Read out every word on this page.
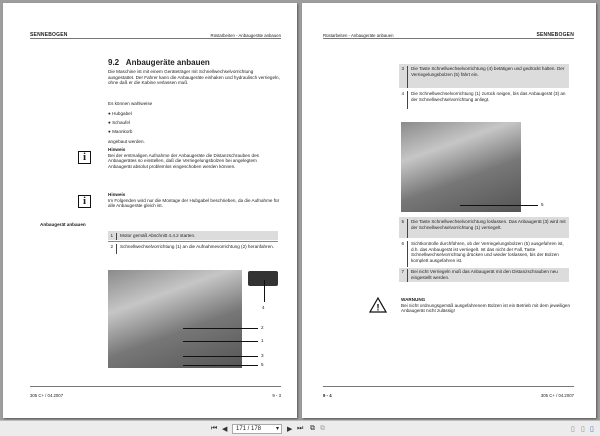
SENNEBOGEN	Rüstarbeiten - Anbaugeräte anbauen
9.2 Anbaugeräte anbauen
Die Maschine ist mit einem Geräteträger mit Schnellwechselvorrichtung ausgestattet. Der Fahrer kann die Anbaugeräte einhaken und hydraulisch verriegeln, ohne daß er die Kabine verlassen muß.
Es können wahlweise
● Hubgabel
● Schaufel
● Mannkorb
angebaut werden.
i
Hinweis
Bei der erstmaligen Aufnahme der Anbaugeräte die Distanzschrauben des Anbaugerätes so einstellen, daß die Verriegelungsbolzen bei angelegtem Anbaugerät absolut problemlos eingeschoben werden können.
i
Hinweis
Im Folgenden wird nur die Montage der Hubgabel beschrieben, da die Aufnahme für alle Anbaugeräte gleich ist.
Anbaugerät anbauen
1	Motor gemäß Abschnitt 4.4.2 starten.
2	Schnellwechselvorrichtung (1) an die Aufnahmevorrichtung (2) heranfahren.
4
2
1
3
5
305 C+ / 04.2007	9 - 3
Rüstarbeiten - Anbaugeräte anbauen	SENNEBOGEN
3	Die Taste Schnellwechselvorrichtung (4) betätigen und gedrückt halten. Der Verriegelungsbolzen (5) fährt ein.
4	Die Schnellwechselvorrichtung (1) zurück neigen, bis das Anbaugerät (3) an der Schnellwechselvorrichtung anliegt.
5
5	Die Taste Schnellwechselvorrichtung loslassen. Das Anbaugerät (3) wird mit der Schnellwechselvorrichtung (1) verriegelt.
6	Sichtkontrolle durchführen, ob der Verriegelungsbolzen (5) ausgefahren ist, d.h. das Anbaugerät ist verriegelt. Ist das nicht der Fall, Taste Schnellwechselvorrichtung drücken und wieder loslassen, bis der Bolzen komplett ausgefahren ist.
7	Bei nicht Verriegeln muß das Anbaugerät mit den Distanzschrauben neu eingestellt werden.
!
WARNUNG
Bei nicht ordnungsgemäß ausgefahrenem Bolzen ist ein Betrieb mit dem jeweiligen Anbaugerät nicht zulässig!
9 - 4	305 C+ / 04.2007
⏮ ◀	171 / 178 ▾ ▶ ⏭ ⧉ ⧉	▯ ▯ ▯
